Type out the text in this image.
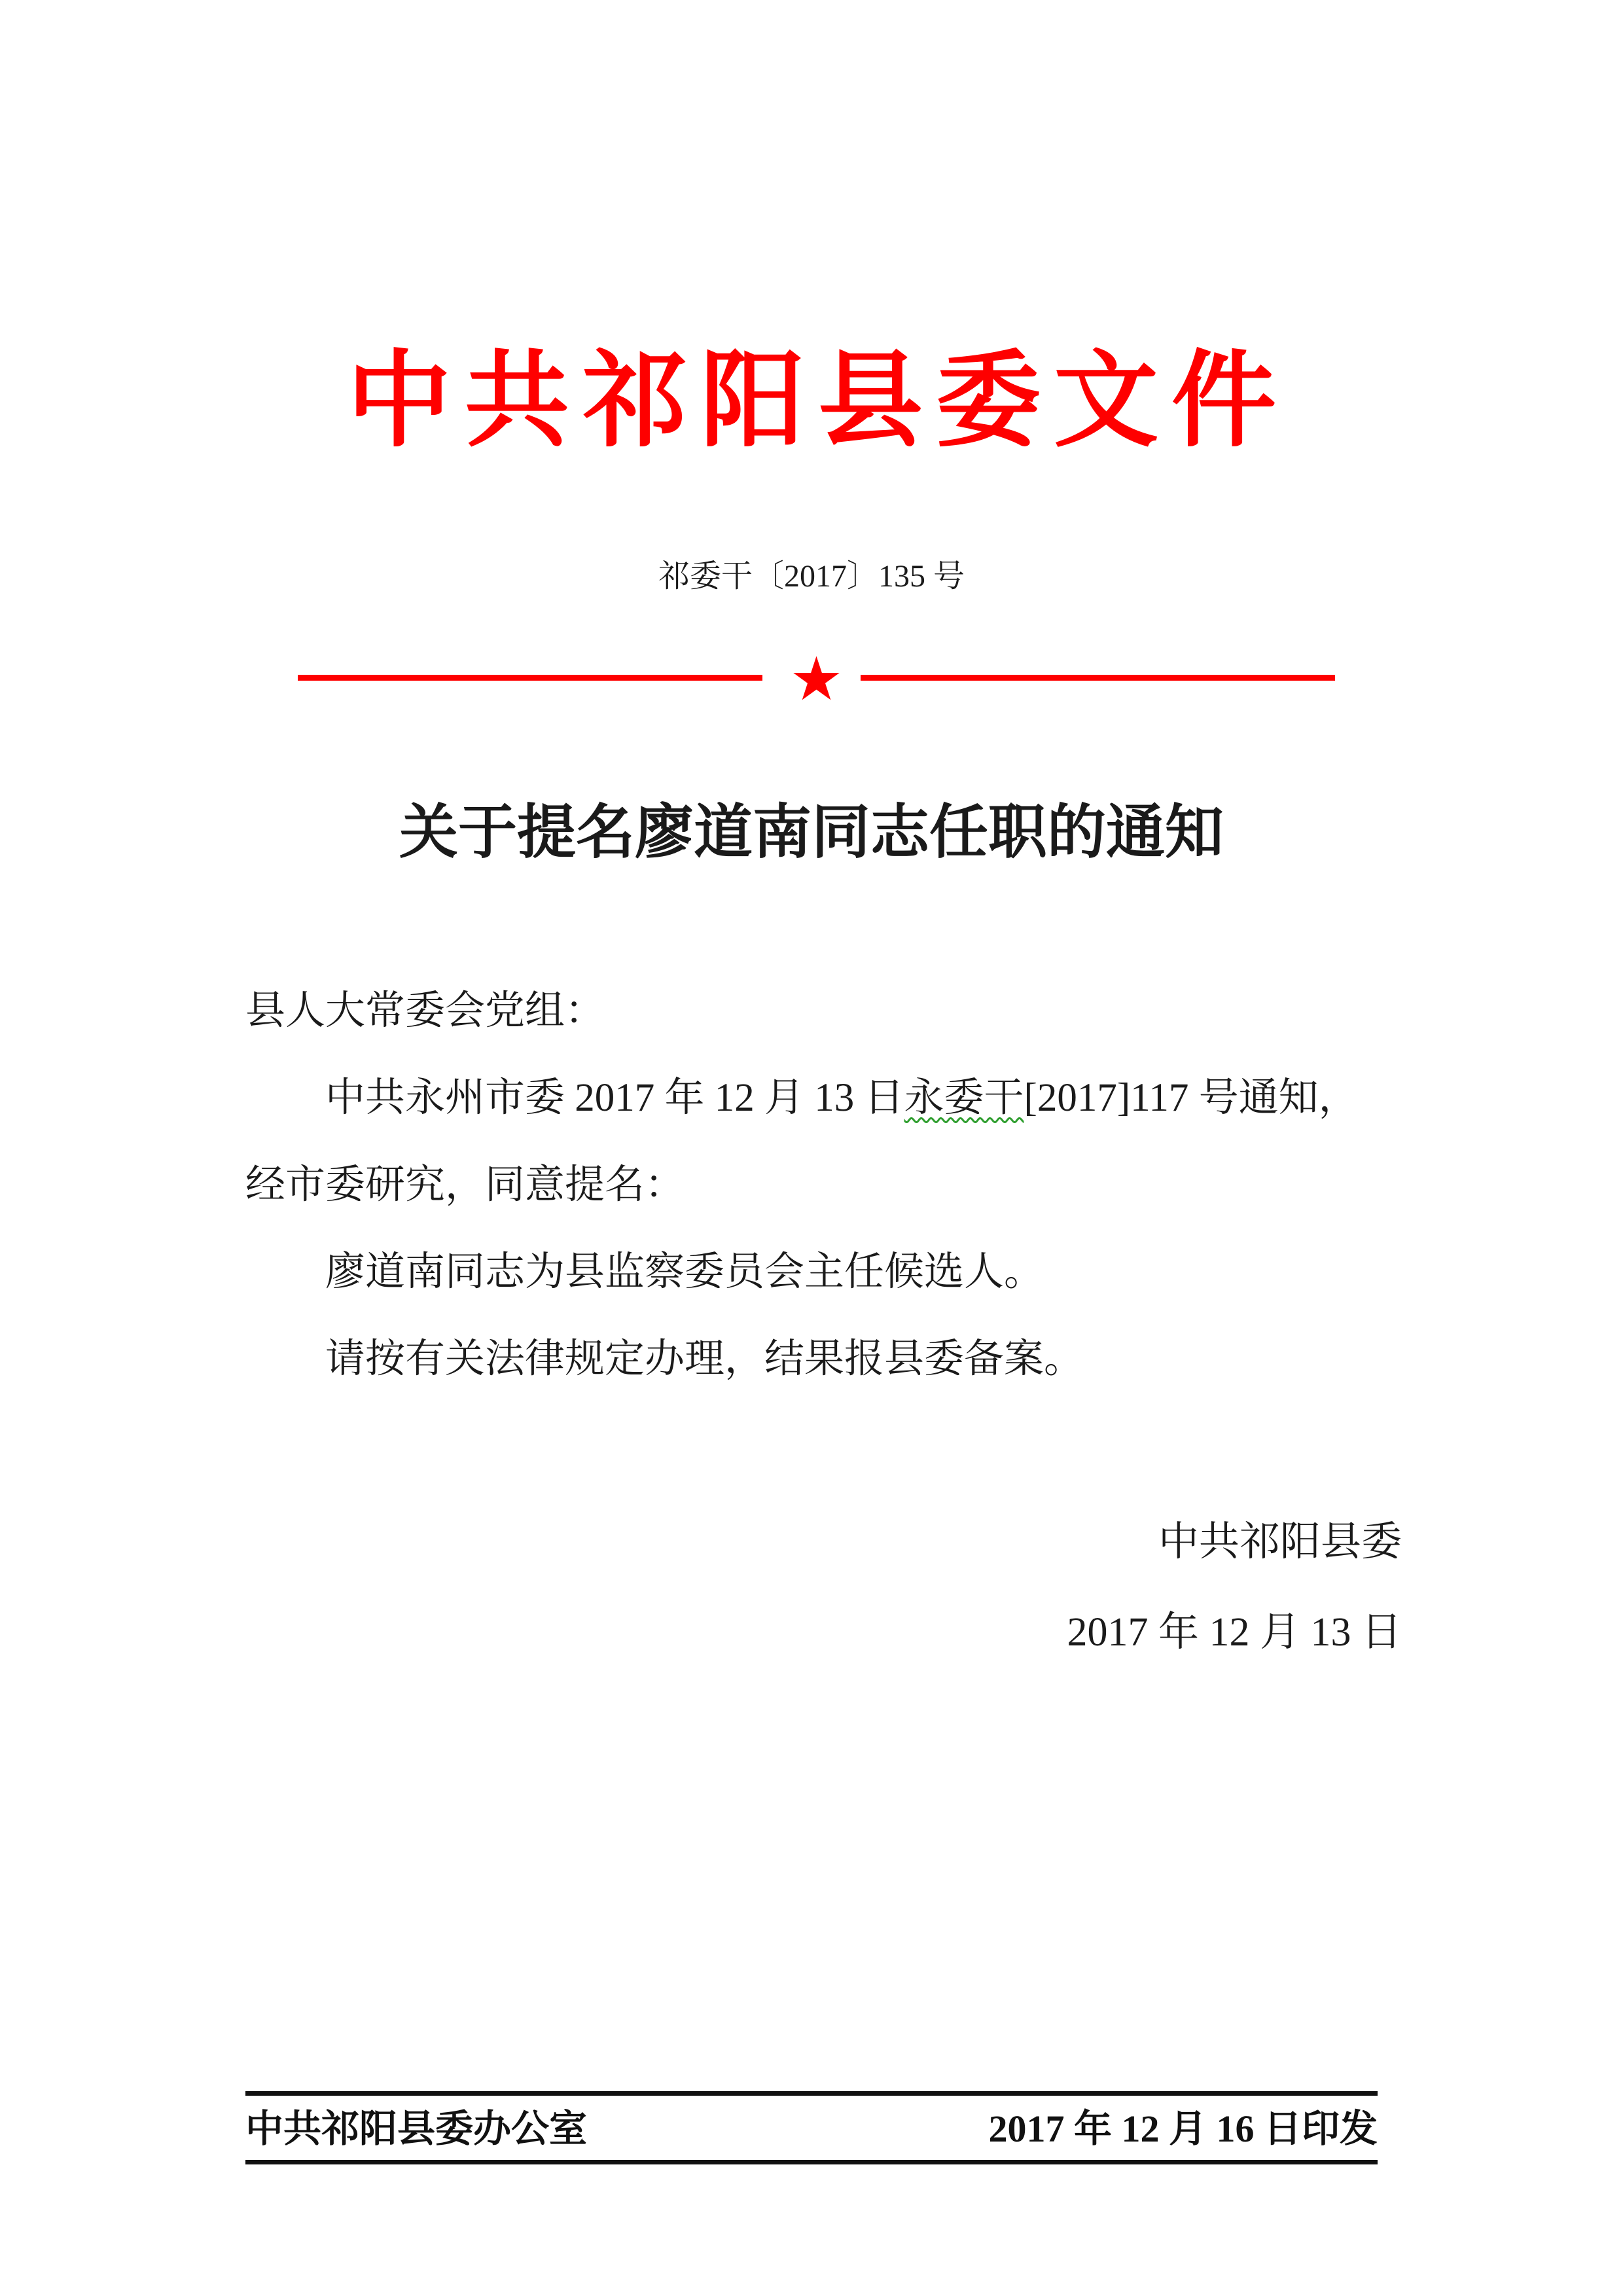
中共祁阳县委文件
祁委干〔2017〕135 号
★
关于提名廖道南同志任职的通知

县人大常委会党组：

中共永州市委 2017 年 12 月 13 日永委干[2017]117 号通知，

经市委研究，同意提名：

廖道南同志为县监察委员会主任候选人。

请按有关法律规定办理，结果报县委备案。

中共祁阳县委
2017 年 12 月 13 日
中共祁阳县委办公室	2017 年 12 月 16 日印发
